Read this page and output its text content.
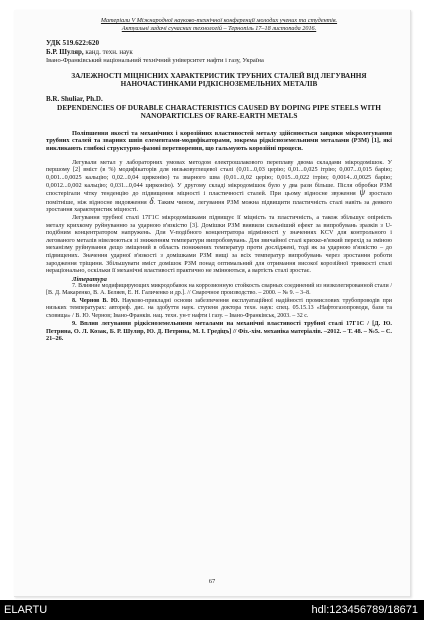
Матеріали V Міжнародної науково-технічної конференції молодих учених та студентів.
Актуальні задачі сучасних технологій – Тернопіль 17–18 листопада 2016.
УДК 519.622:620
Б.Р. Шуляр, канд. техн. наук
Івано-Франківський національний технічний університет нафти і газу, Україна
ЗАЛЕЖНОСТІ МІЦНІСНИХ ХАРАКТЕРИСТИК ТРУБНИХ СТАЛЕЙ ВІД ЛЕГУВАННЯ НАНОЧАСТИНКАМИ РІДКІСНОЗЕМЕЛЬНИХ МЕТАЛІВ
B.R. Shuliar, Ph.D.
DEPENDENCIES OF DURABLE CHARACTERISTICS CAUSED BY DOPING PIPE STEELS WITH NANOPARTICLES OF RARE-EARTH METALS

Поліпшення якості та механічних і корозійних властивостей металу здійснюється завдяки мікролегування трубних сталей та зварних швів елементами-модифікаторами, зокрема рідкісноземельними металами (РЗМ) [1], які викликають глибокі структурно-фазові перетворення, що гальмують корозійні процеси.

Легували метал у лабораторних умовах методом електрошлакового переплаву двома складами мікродомішок. У першому [2] вміст (в %) модифікаторів для низьковуглецевої сталі (0,01...0,03 церію; 0,01...0,025 ітрію; 0,007...0,015 барію; 0,001...0,0025 кальцію; 0,02...0,04 цирконію) та зварного шва (0,01...0,02 церію; 0,015...0,022 ітрію; 0,0014...0,0025 барію; 0,0012...0,002 кальцію; 0,031...0,044 цирконію). У другому складі мікродомішок було у два рази більше. Після обробки РЗМ спостерігали чітку тенденцію до підвищення міцності і пластичності сталей. При цьому відносне звуження ψ зростало помітніше, ніж відносне видовження δ. Таким чином, легування РЗМ можна підвищити пластичність сталі навіть за деякого зростання характеристик міцності.

Легування трубної сталі 17Г1С мікродомішками підвищує її міцність та пластичність, а також збільшує опірність металу крихкому руйнуванню за ударною в'язкістю [3]. Домішки РЗМ виявили сильніший ефект за випробувань зразків з U-подібним концентратором напружень. Для V-подібного концентратора відмінності у значеннях KCV для контрольного і легованого металів нівелюються зі зниженням температури випробовувань. Для звичайної сталі крихко-в'язкий перехід за зміною механізму руйнування дещо зміщений в область понижених температур проти досліджені, тоді як за ударною в'язкістю – до підвищених. Значення ударної в'язкості з домішками РЗМ вищі за всіх температур випробувань через зростання роботи зародження тріщини. Збільшувати вміст домішок РЗМ понад оптимальний для отримання високої корозійної тривкості сталі нераціонально, оскільки її механічні властивості практично не змінюються, а вартість сталі зростає.

Література

7. Влияние модифицирующих микродобавок на коррозионную стойкость сварных соединений из низколегированной стали / [В. Д. Макаренко, В. А. Беляев, Е. Н. Галиченко и др.]. // Сварочное производство. – 2000. – № 9. – 3–8.

8. Чернов В. Ю. Науково-прикладні основи забезпечення експлуатаційної надійності промислових трубопроводів при низьких температурах: автореф. дис. на здобуття наук. ступеня доктора техн. наук: спец. 05.15.13 «Нафтогазопроводи, бази та сховища» / В. Ю. Чернов; Івано-Франків. нац. техн. ун-т нафти і газу. – Івано-Франківськ, 2003. – 32 с.

9. Вплив легування рідкісноземельними металами на механічні властивості трубної сталі 17Г1С / [Д. Ю. Петрина, О. Л. Козак, Б. Р. Шуляр, Ю. Д. Петрина, М. І. Гредіцъ] // Фіз.-хім. механіка матеріалів. –2012. – Т. 48. – №5. – С. 21–26.

67
ELARTU	hdl:123456789/18671
